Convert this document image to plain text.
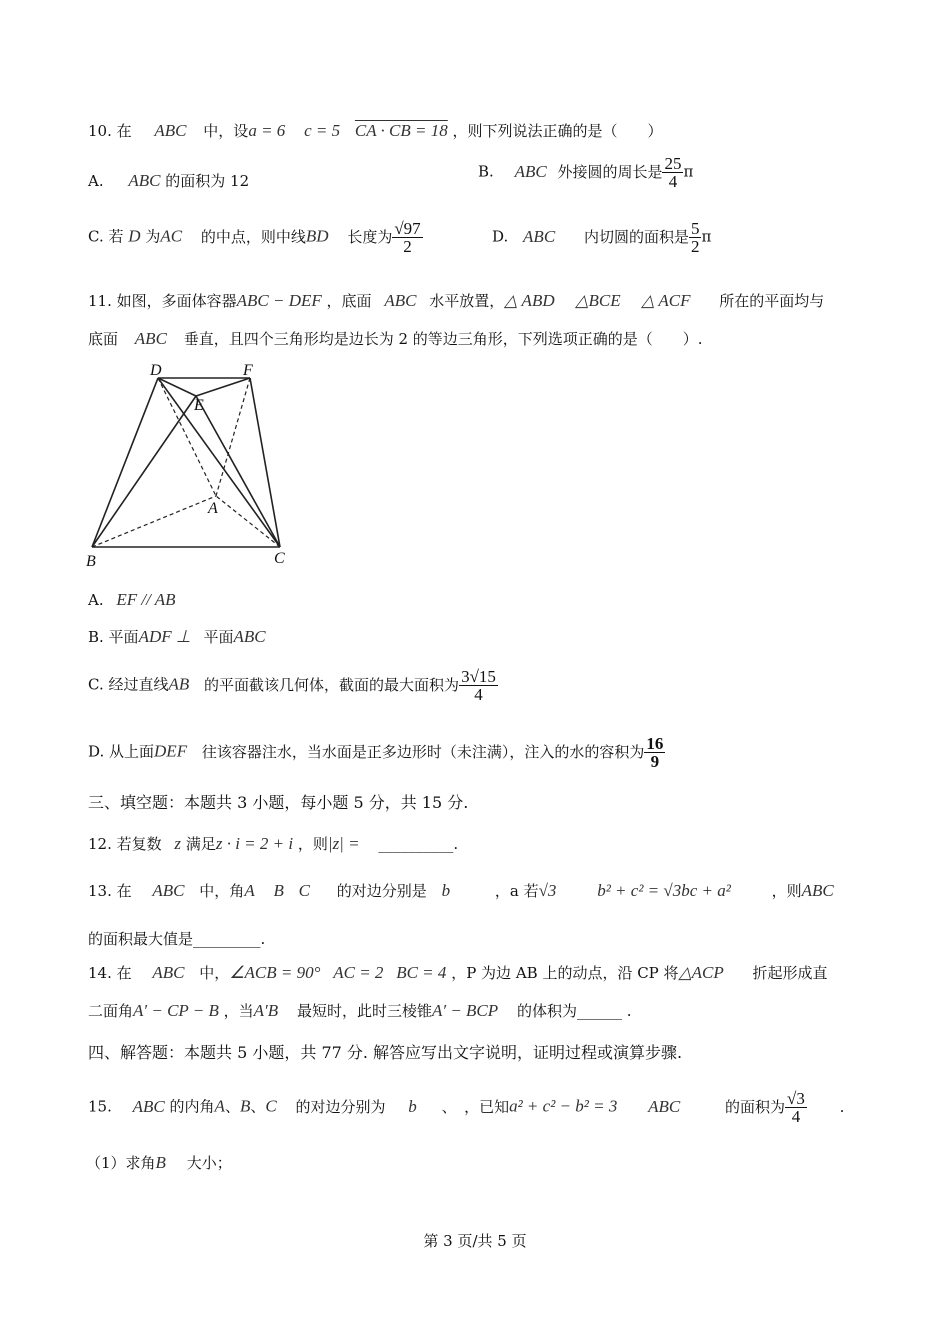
10. 在 ABC 中，设a = 6 c = 5 CA · CB = 18 ，则下列说法正确的是（　　）
A. ABC 的面积为 12
B. ABC 外接圆的周长是 $\frac{25}{4}$ π
C. 若 D 为AC 的中点，则中线BD 长度为 $\frac{√97}{2}$	D. ABC 内切圆的面积是 $\frac{5}{2}$ π
11. 如图，多面体容器ABC − DEF ，底面 ABC 水平放置，△ ABD △BCE △ ACF 所在的平面均与
底面 ABC 垂直，且四个三角形均是边长为 2 的等边三角形，下列选项正确的是（　　）.
D	F
E
A
B	C
A. EF // AB
B. 平面ADF ⊥ 平面ABC
C. 经过直线AB 的平面截该几何体，截面的最大面积为 $\frac{3√15}{4}$
D. 从上面DEF 往该容器注水，当水面是正多边形时（未注满），注入的水的容积为 $\frac{16}{9}$
三、填空题：本题共 3 小题，每小题 5 分，共 15 分.
12. 若复数 z 满足z · i = 2 + i ，则|z| = __________.
13. 在 ABC 中，角A B C 的对边分别是 b	，a 若√3 b² + c² = √3bc + a²	，则ABC
的面积最大值是_________.
14. 在 ABC 中，∠ACB = 90° AC = 2 BC = 4 ，P 为边 AB 上的动点，沿 CP 将△ACP 折起形成直
二面角A′ − CP − B ，当A′B 最短时，此时三棱锥A′ − BCP 的体积为______ .
四、解答题：本题共 5 小题，共 77 分. 解答应写出文字说明，证明过程或演算步骤.
15. ABC 的内角A、B、C 的对边分别为 b 、　，已知a² + c² − b² = 3 ABC	的面积为 $\frac{√3}{4}$ .
（1）求角B 大小；
第 3 页/共 5 页
